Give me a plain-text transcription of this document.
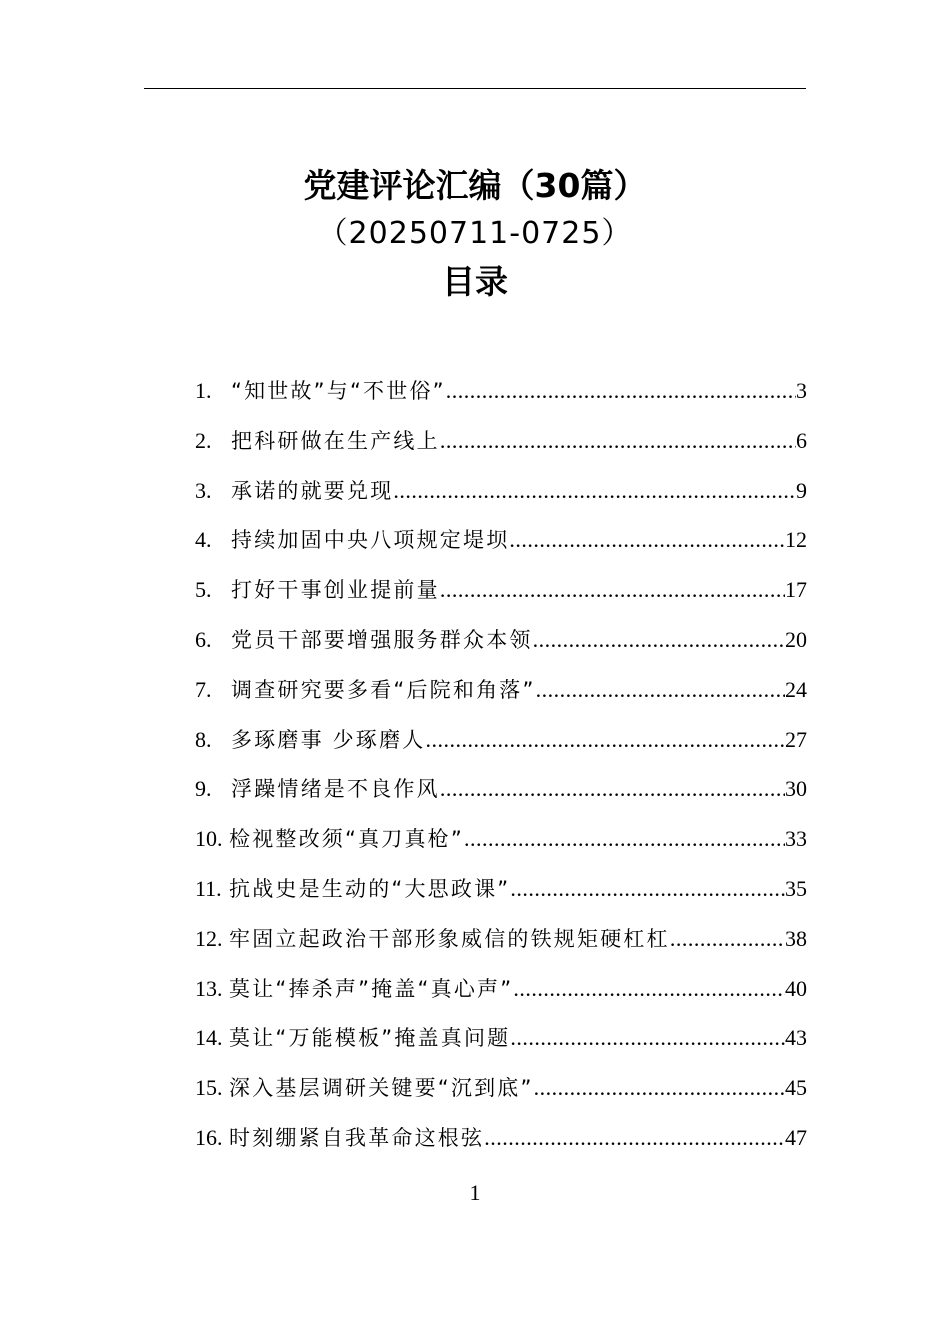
党建评论汇编（30篇）
（20250711-0725）
目录
1. “知世故”与“不世俗” .....	3
2. 把科研做在生产线上 .....	6
3. 承诺的就要兑现 .....	9
4. 持续加固中央八项规定堤坝 .....	12
5. 打好干事创业提前量 .....	17
6. 党员干部要增强服务群众本领 .....	20
7. 调查研究要多看“后院和角落” .....	24
8. 多琢磨事 少琢磨人 .....	27
9. 浮躁情绪是不良作风 .....	30
10. 检视整改须“真刀真枪” .....	33
11. 抗战史是生动的“大思政课” .....	35
12. 牢固立起政治干部形象威信的铁规矩硬杠杠 .....	38
13. 莫让“捧杀声”掩盖“真心声” .....	40
14. 莫让“万能模板”掩盖真问题 .....	43
15. 深入基层调研关键要“沉到底” .....	45
16. 时刻绷紧自我革命这根弦 .....	47
1
